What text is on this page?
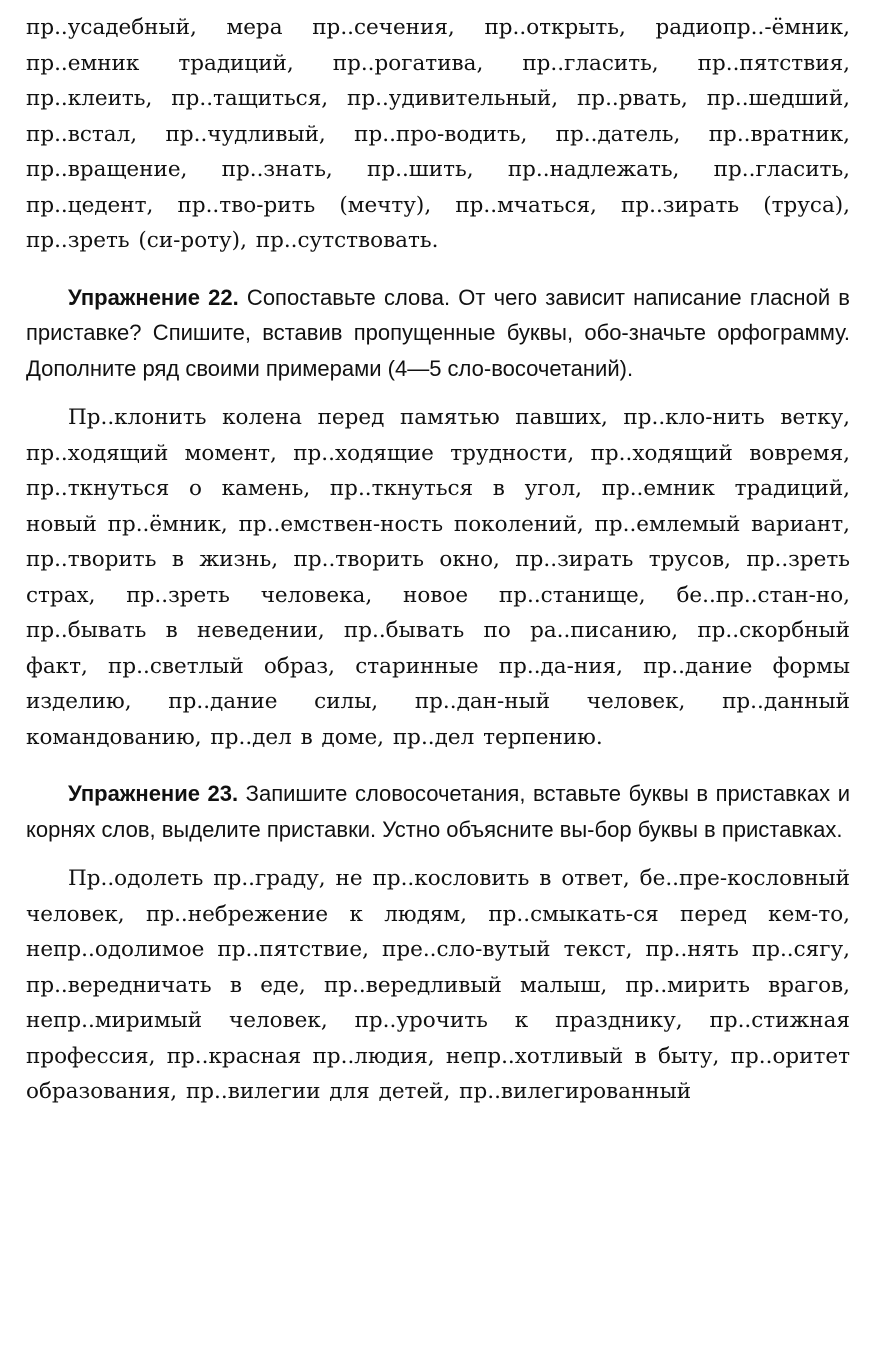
пр..усадебный, мера пр..сечения, пр..открыть, радиопр..-ёмник, пр..емник традиций, пр..рогатива, пр..гласить, пр..пятствия, пр..клеить, пр..тащиться, пр..удивительный, пр..рвать, пр..шедший, пр..встал, пр..чудливый, пр..про-водить, пр..датель, пр..вратник, пр..вращение, пр..знать, пр..шить, пр..надлежать, пр..гласить, пр..цедент, пр..тво-рить (мечту), пр..мчаться, пр..зирать (труса), пр..зреть (си-роту), пр..сутствовать.

Упражнение 22. Сопоставьте слова. От чего зависит написание гласной в приставке? Спишите, вставив пропущенные буквы, обо-значьте орфограмму. Дополните ряд своими примерами (4—5 сло-восочетаний).

Пр..клонить колена перед памятью павших, пр..кло-нить ветку, пр..ходящий момент, пр..ходящие трудности, пр..ходящий вовремя, пр..ткнуться о камень, пр..ткнуться в угол, пр..емник традиций, новый пр..ёмник, пр..емствен-ность поколений, пр..емлемый вариант, пр..творить в жизнь, пр..творить окно, пр..зирать трусов, пр..зреть страх, пр..зреть человека, новое пр..станище, бе..пр..стан-но, пр..бывать в неведении, пр..бывать по ра..писанию, пр..скорбный факт, пр..светлый образ, старинные пр..да-ния, пр..дание формы изделию, пр..дание силы, пр..дан-ный человек, пр..данный командованию, пр..дел в доме, пр..дел терпению.

Упражнение 23. Запишите словосочетания, вставьте буквы в приставках и корнях слов, выделите приставки. Устно объясните вы-бор буквы в приставках.

Пр..одолеть пр..граду, не пр..кословить в ответ, бе..пре-кословный человек, пр..небрежение к людям, пр..смыкать-ся перед кем-то, непр..одолимое пр..пятствие, пре..сло-вутый текст, пр..нять пр..сягу, пр..вередничать в еде, пр..вередливый малыш, пр..мирить врагов, непр..миримый человек, пр..урочить к празднику, пр..стижная профессия, пр..красная пр..людия, непр..хотливый в быту, пр..оритет образования, пр..вилегии для детей, пр..вилегированный
